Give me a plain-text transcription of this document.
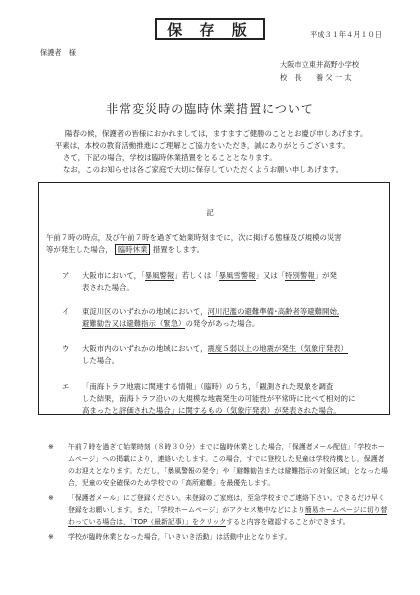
保 存 版	平成３１年４月１０日
保護者　様
大阪市立東井高野小学校
校　長　　養 父 一 太
非常変災時の臨時休業措置について
陽春の候，保護者の皆様におかれましては，ますますご健勝のこととお慶び申しあげます。
平素は，本校の教育活動推進にご理解とご協力をいただき，誠にありがとうございます。
さて，下記の場合，学校は臨時休業措置をとることとなります。
なお，このお知らせは各ご家庭で大切に保存していただくようお願い申しあげます。
記
午前７時の時点，及び午前７時を過ぎて始業時刻までに，次に掲げる態様及び規模の災害
等が発生した場合， 臨時休業 措置をします。
ア	大阪市において，「暴風警報」若しくは「暴風雪警報」又は「特別警報」が発
表された場合。
イ	東淀川区のいずれかの地域において，河川氾濫の避難準備･高齢者等避難開始,
避難勧告又は避難指示（緊急）の発令があった場合。
ウ	大阪市内のいずれかの地域において，震度５弱以上の地震が発生（気象庁発表）
した場合。
エ	「南海トラフ地震に関連する情報」（臨時）のうち，「観測された現象を調査
した結果，南海トラフ沿いの大規模な地震発生の可能性が平常時に比べて相対的に
高まったと評価された場合」に関するもの（気象庁発表）が発表された場合。
※	午前７時を過ぎて始業時刻（８時３０分）までに臨時休業とした場合，「保護者メール配信」「学校ホームページ」への掲載により，連絡いたします。この場合，すでに登校した児童は学校待機とし，保護者のお迎えとなります。ただし，「暴風警報の発令」や「避難勧告または避難指示の対象区域」となった場合，児童の安全確保のため学校での「高所避難」を最優先します。
※	「保護者メール」にご登録ください。未登録のご家庭は，至急学校までご連絡下さい。できるだけ早く登録をお願いします。また，「学校ホームページ」がアクセス集中などにより簡易ホームページに切り替わっている場合は，「TOP（最新記事）」をクリックすると内容を確認することができます。
※	学校が臨時休業となった場合，「いきいき活動」は活動中止となります。
